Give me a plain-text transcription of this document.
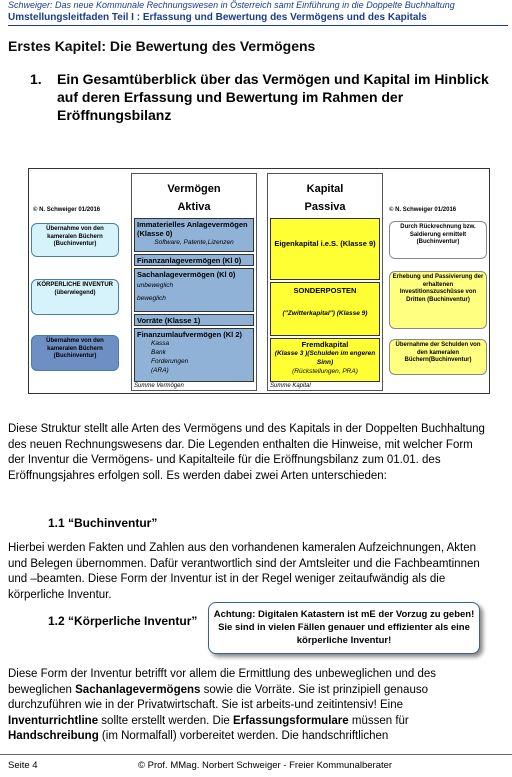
Schweiger: Das neue Kommunale Rechnungswesen in Österreich samt Einführung in die Doppelte Buchhaltung
Umstellungsleitfaden Teil I : Erfassung und Bewertung des Vermögens und des Kapitals
Erstes Kapitel: Die Bewertung des Vermögens
1. Ein Gesamtüberblick über das Vermögen und Kapital im Hinblick auf deren Erfassung und Bewertung im Rahmen der Eröffnungsbilanz
© N. Schweiger 01/2016	© N. Schweiger 01/2016
Übernahme von den kameralen Büchern (Buchinventur)
KÖRPERLICHE INVENTUR (überwiegend)
Übernahme von den kameralen Büchern (Buchinventur)
Durch Rückrechnung bzw. Saldierung ermittelt (Buchinventur)
Erhebung und Passivierung der erhaltenen Investitionszuschüsse von Dritten (Buchinventur)
Übernahme der Schulden von den kameralen Büchern(Buchinventur)
Vermögen
Aktiva
Immaterielles Anlagevermögen (Klasse 0)
Software, Patente,Lizenzen
Finanzanlagevermögen (Kl 0)
Sachanlagevermögen (Kl 0)
unbeweglich
beweglich
Vorräte (Klasse 1)
Finanzumlaufvermögen (Kl 2)
Kassa
Bank
Forderungen
(ARA)
Summe Vermögen
Kapital
Passiva
Eigenkapital i.e.S. (Klasse 9)
SONDERPOSTEN
("Zwitterkapital") (Klasse 9)
Fremdkapital
(Klasse 3 )(Schulden im engeren Sinn)
(Rückstellungen, PRA)
Summe Kapital
Diese Struktur stellt alle Arten des Vermögens und des Kapitals in der Doppelten Buchhaltung des neuen Rechnungswesens dar. Die Legenden enthalten die Hinweise, mit welcher Form der Inventur die Vermögens- und Kapitalteile für die Eröffnungsbilanz zum 01.01. des Eröffnungsjahres erfolgen soll. Es werden dabei zwei Arten unterschieden:
1.1 “Buchinventur”
Hierbei werden Fakten und Zahlen aus den vorhandenen kameralen Aufzeichnungen, Akten und Belegen übernommen. Dafür verantwortlich sind der Amtsleiter und die Fachbeamtinnen und –beamten. Diese Form der Inventur ist in der Regel weniger zeitaufwändig als die körperliche Inventur.
1.2 “Körperliche Inventur”	Achtung: Digitalen Katastern ist mE der Vorzug zu geben! Sie sind in vielen Fällen genauer und effizienter als eine körperliche Inventur!
Diese Form der Inventur betrifft vor allem die Ermittlung des unbeweglichen und des beweglichen Sachanlagevermögens sowie die Vorräte. Sie ist prinzipiell genauso durchzuführen wie in der Privatwirtschaft. Sie ist arbeits-und zeitintensiv! Eine Inventurrichtline sollte erstellt werden. Die Erfassungsformulare müssen für Handschreibung (im Normalfall) vorbereitet werden. Die handschriftlichen
Seite 4	© Prof. MMag. Norbert Schweiger - Freier Kommunalberater
